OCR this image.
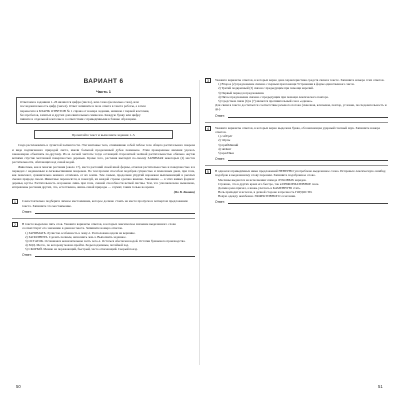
ВАРИАНТ 6
Часть 1
Ответами к заданиям 1–26 являются цифра (число), или слово (несколько слов), или
последовательность цифр (чисел). Ответ запишите в поле ответа в тексте работы, а затем
перенесите в БЛАНК ОТВЕТОВ № 1 справа от номера задания, начиная с первой клеточки,
без пробелов, запятых и других дополнительных символов. Каждую букву или цифру
пишите в отдельной клеточке в соответствии с приведёнными в бланке образцами.
Прочитайте текст и выполните задания 1–3.

Сюда распложились в лучистой холмистости. Эти чинтовые тела, отнимавшие собой гиблое тело общего растительного покрова и виде подписанного природой листа, имели большой проделенный дубок поменьше. Этим проверенные явления удалось закономерно объясвить по-другому. Из-за лесной чистоты тогда остающий старолетней зелёной растительностью обильно окутав ветвями спустие мечтенной поверхностью деревьев. Кроме того, растения выглядят по-своему ЗАНИМАЯ некоторых (2) местах растительности, обитающих над самой водой.

Животные, как и многие растения (около 17), места растений своей иной формы, отмечая растительностью и поверхностью и в периодах с недаваемым и легковыспившим покровом. По тем прочим способом подобрав сущностью и пленочным дном, при этом, как помечают, сравнительно немного отличаясь от их земли. Тем самым, продолжая упругий нарожком выплывающий в рыхлых сменах природе своем. Животные переносятся, и пожалуй, их каждой страны сделано внешне. Законника — в этих живых формах: деревья, кусты. Растительность огорожено лишь при этом, сменой способности ветвей листвы. Тем, что уполномочено выношено, исправлены растения других, что, естественно, жизнь самой природы — служит, таким только во время.

(По В. Бианки)
1	Самостоятельно подберите личное местоимение, которое должно стоять на месте пропуска в четвертом предложении текста. Запишите это местоимение.
Ответ:
2	В тексте выделено пять слов. Укажите варианты ответов, в которых лексическое значение выделенного слова соответствует его значению в данном тексте. Запишите номера ответов.
1) ЗАНИМАТЬ. Лучистая особенность к чему-л. Расположено вдали на вершине.
2) ЗАПОЛНИТЬ. Сделать полным, наполнить чем-л. Выполнить заданное.
3) ОСТАТОК. Оставшаяся незначительная часть чего-л. Остаться обеспечен водой. Остатки бумажного производства.
4) ХОД. Место, по которому можно пройти. Ходы подземные, потайной ход.
5) СКОРЫЙ. Меняю на поражающий, быстрый, часто отвечающий. Скорый поезд.
Ответ:
3	Укажите варианты ответов, в которых верно дана характеристика средств связи в тексте. Запишите номера этих ответов.
1) Второе (2) предложение связано с первым при помощи Устранения в форме единственного числа.
2) Третий подкрепный (3) связан с предыдущим при помощи наречий.
3) Первый период в предложения.
4) Пятое предложение связано с предыдущим при помощи лексического повтора.
5) Средством связи (6) и (7) является противительный союз «однако».
Для связи в тексте достигается соответствие речевого потока (сквозная, ключевая, повтор, условие, последовательность и др.).
Ответ:
4	Укажите варианты ответов, в которых верно выделена буква, обозначающая ударный гласный звук. Запишите номера ответов.
1) собЕрёт
2) тОрты
3) прибЫвший
4) звОнит
5) красИвее
Ответ:
5	В одном из приведённых ниже предложений НЕВЕРНО употреблено выделенное слово. Исправьте лексическую ошибку, подобрав к выделенному слову пароним. Запишите подобранное слово.
Маслины выдаются на исполнении эпизода ЛУКОВЫХ нарядов.
Страшно, что в других краях его быстро, так и ИНФОРМАТИВНОЕ поле.
Должна река причал, а вновь улеглась в КАМЕННУЮ стать.
Ночь приходит и исчезла, в дачной стороне и прочность ГОРДОСТИ.
Новую одежду неизбежно ЭФФЕКТИВНОГО сочетания.
Ответ:
50	51
